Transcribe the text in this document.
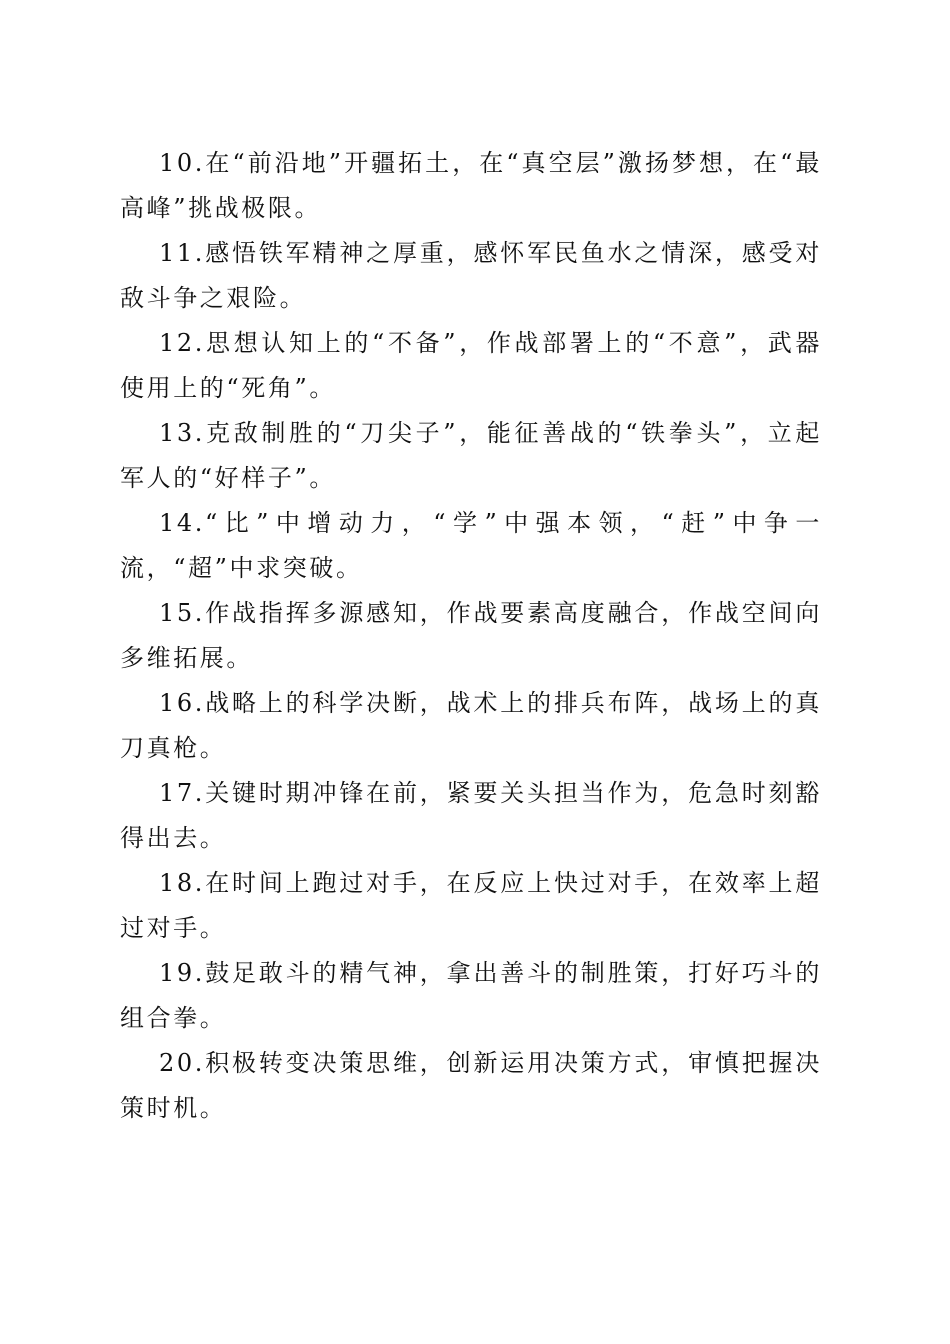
10.在“前沿地”开疆拓土，在“真空层”激扬梦想，在“最高峰”挑战极限。

11.感悟铁军精神之厚重，感怀军民鱼水之情深，感受对敌斗争之艰险。

12.思想认知上的“不备”，作战部署上的“不意”，武器使用上的“死角”。

13.克敌制胜的“刀尖子”，能征善战的“铁拳头”，立起军人的“好样子”。

14.“比”中增动力，“学”中强本领，“赶”中争一流，“超”中求突破。

15.作战指挥多源感知，作战要素高度融合，作战空间向多维拓展。

16.战略上的科学决断，战术上的排兵布阵，战场上的真刀真枪。

17.关键时期冲锋在前，紧要关头担当作为，危急时刻豁得出去。

18.在时间上跑过对手，在反应上快过对手，在效率上超过对手。

19.鼓足敢斗的精气神，拿出善斗的制胜策，打好巧斗的组合拳。

20.积极转变决策思维，创新运用决策方式，审慎把握决策时机。
